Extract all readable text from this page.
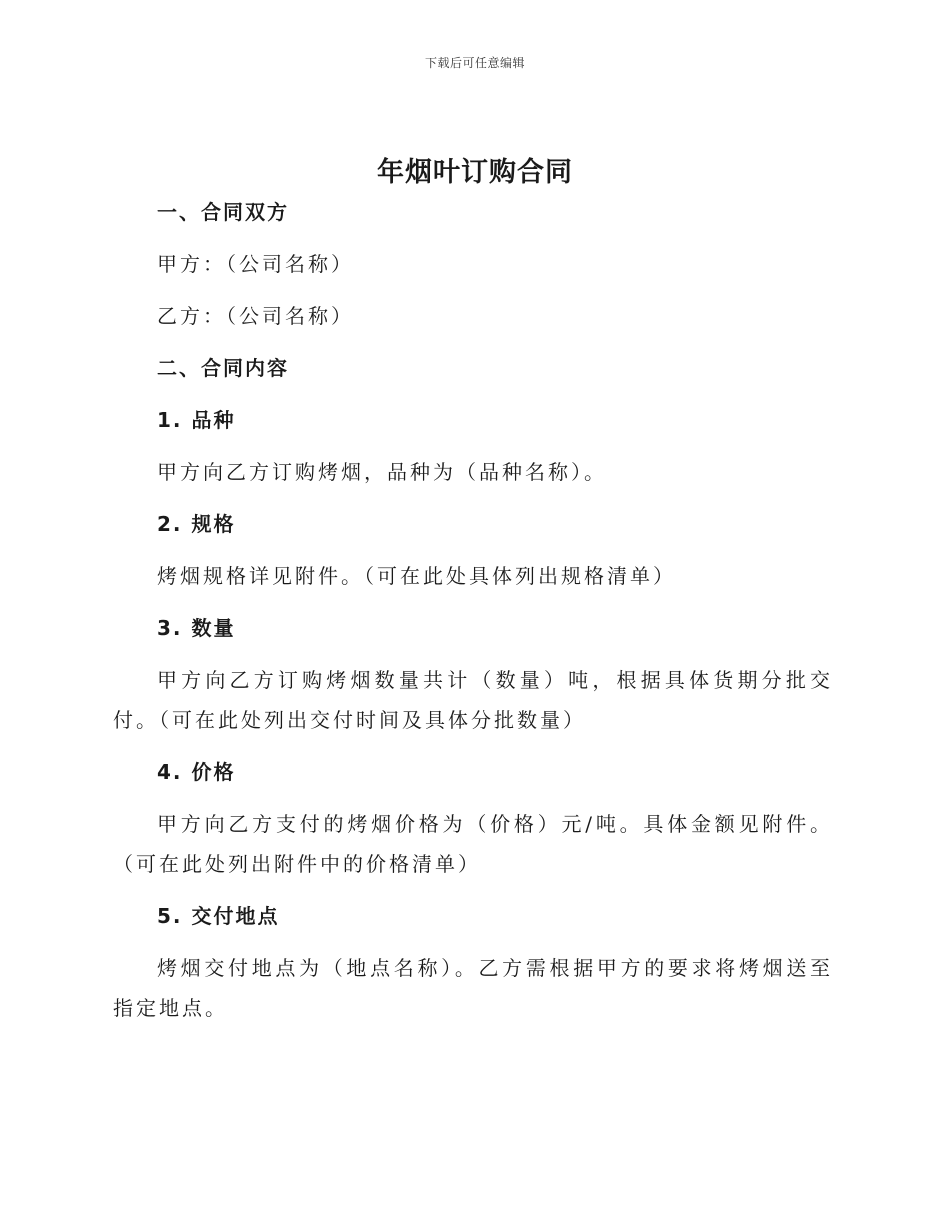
下载后可任意编辑
年烟叶订购合同
一、合同双方
甲方：（公司名称）
乙方：（公司名称）
二、合同内容
1. 品种
甲方向乙方订购烤烟，品种为（品种名称）。
2. 规格
烤烟规格详见附件。（可在此处具体列出规格清单）
3. 数量
甲方向乙方订购烤烟数量共计（数量）吨，根据具体货期分批交付。（可在此处列出交付时间及具体分批数量）
4. 价格
甲方向乙方支付的烤烟价格为（价格）元/吨。具体金额见附件。（可在此处列出附件中的价格清单）
5. 交付地点
烤烟交付地点为（地点名称）。乙方需根据甲方的要求将烤烟送至指定地点。
